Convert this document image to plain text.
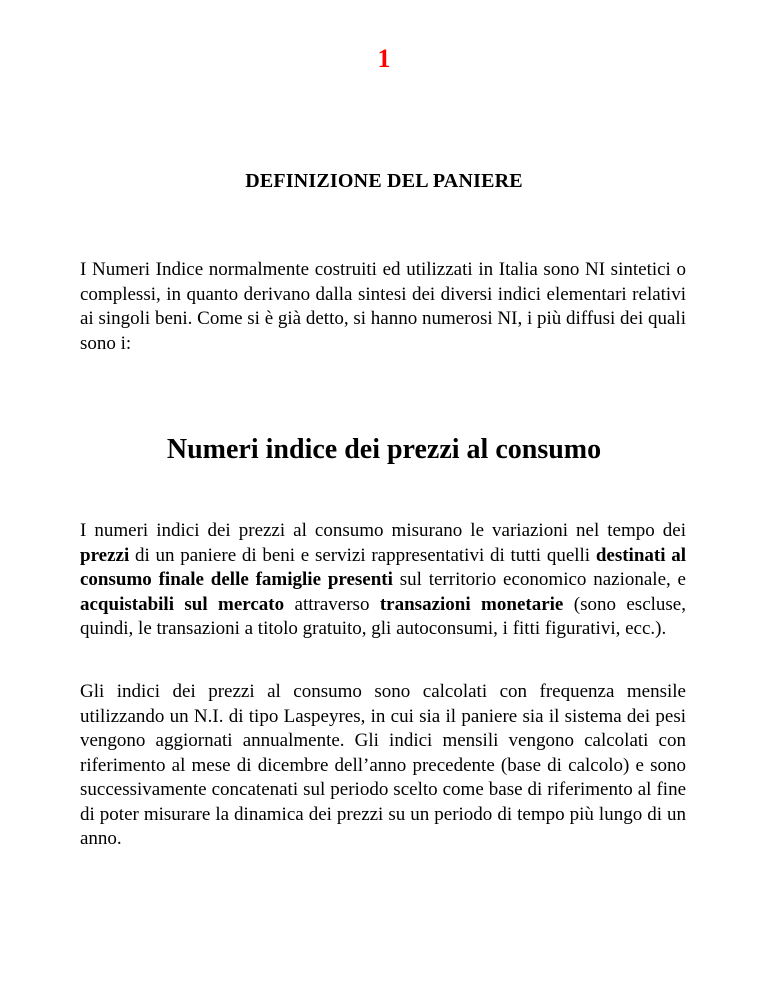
1
DEFINIZIONE DEL PANIERE

I Numeri Indice normalmente costruiti ed utilizzati in Italia sono NI sintetici o complessi, in quanto derivano dalla sintesi dei diversi indici elementari relativi ai singoli beni. Come si è già detto, si hanno numerosi NI, i più diffusi dei quali sono i:

Numeri indice dei prezzi al consumo

I numeri indici dei prezzi al consumo misurano le variazioni nel tempo dei prezzi di un paniere di beni e servizi rappresentativi di tutti quelli destinati al consumo finale delle famiglie presenti sul territorio economico nazionale, e acquistabili sul mercato attraverso transazioni monetarie (sono escluse, quindi, le transazioni a titolo gratuito, gli autoconsumi, i fitti figurativi, ecc.).

Gli indici dei prezzi al consumo sono calcolati con frequenza mensile utilizzando un N.I. di tipo Laspeyres, in cui sia il paniere sia il sistema dei pesi vengono aggiornati annualmente. Gli indici mensili vengono calcolati con riferimento al mese di dicembre dell’anno precedente (base di calcolo) e sono successivamente concatenati sul periodo scelto come base di riferimento al fine di poter misurare la dinamica dei prezzi su un periodo di tempo più lungo di un anno.
